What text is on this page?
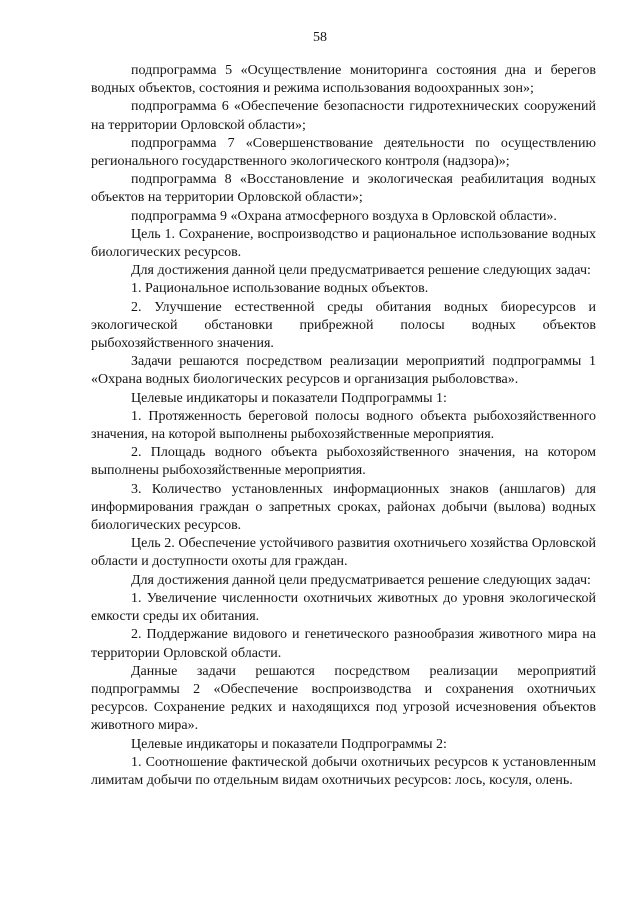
58

подпрограмма 5 «Осуществление мониторинга состояния дна и берегов водных объектов, состояния и режима использования водоохранных зон»;

подпрограмма 6 «Обеспечение безопасности гидротехнических сооружений на территории Орловской области»;

подпрограмма 7 «Совершенствование деятельности по осуществлению регионального государственного экологического контроля (надзора)»;

подпрограмма 8 «Восстановление и экологическая реабилитация водных объектов на территории Орловской области»;

подпрограмма 9 «Охрана атмосферного воздуха в Орловской области».

Цель 1. Сохранение, воспроизводство и рациональное использование водных биологических ресурсов.

Для достижения данной цели предусматривается решение следующих задач:

1. Рациональное использование водных объектов.

2. Улучшение естественной среды обитания водных биоресурсов и экологической обстановки прибрежной полосы водных объектов рыбохозяйственного значения.

Задачи решаются посредством реализации мероприятий подпрограммы 1 «Охрана водных биологических ресурсов и организация рыболовства».

Целевые индикаторы и показатели Подпрограммы 1:

1. Протяженность береговой полосы водного объекта рыбохозяйственного значения, на которой выполнены рыбохозяйственные мероприятия.

2. Площадь водного объекта рыбохозяйственного значения, на котором выполнены рыбохозяйственные мероприятия.

3. Количество установленных информационных знаков (аншлагов) для информирования граждан о запретных сроках, районах добычи (вылова) водных биологических ресурсов.

Цель 2. Обеспечение устойчивого развития охотничьего хозяйства Орловской области и доступности охоты для граждан.

Для достижения данной цели предусматривается решение следующих задач:

1. Увеличение численности охотничьих животных до уровня экологической емкости среды их обитания.

2. Поддержание видового и генетического разнообразия животного мира на территории Орловской области.

Данные задачи решаются посредством реализации мероприятий подпрограммы 2 «Обеспечение воспроизводства и сохранения охотничьих ресурсов. Сохранение редких и находящихся под угрозой исчезновения объектов животного мира».

Целевые индикаторы и показатели Подпрограммы 2:

1. Соотношение фактической добычи охотничьих ресурсов к установленным лимитам добычи по отдельным видам охотничьих ресурсов: лось, косуля, олень.
